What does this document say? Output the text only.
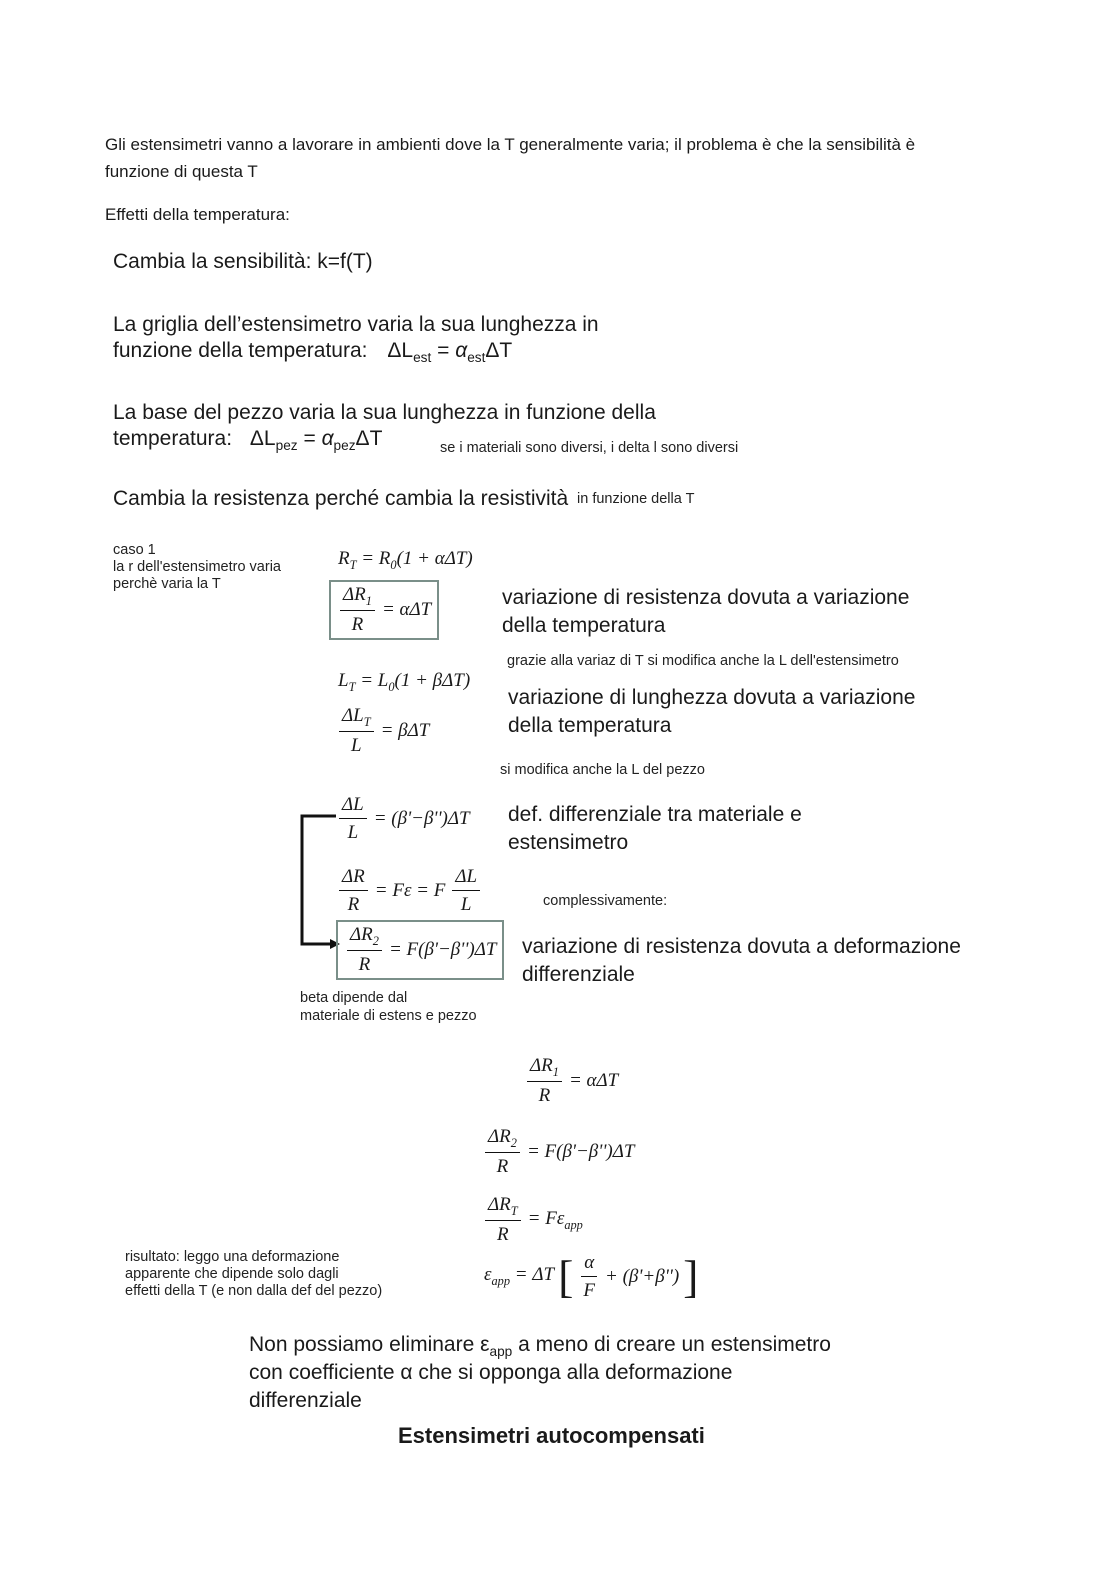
Gli estensimetri vanno a lavorare in ambienti dove la T generalmente varia; il problema è che la sensibilità è
funzione di questa T
Effetti della temperatura:
Cambia la sensibilità: k=f(T)
La griglia dell’estensimetro varia la sua lunghezza in
funzione della temperatura: $\Delta L_{est} = \alpha_{est}\Delta T$
La base del pezzo varia la sua lunghezza in funzione della
temperatura: $\Delta L_{pez} = \alpha_{pez}\Delta T$	se i materiali sono diversi, i delta l sono diversi
Cambia la resistenza perché cambia la resistività in funzione della T
caso 1
la r dell'estensimetro varia
perchè varia la T
$R_T = R_0(1 + \alpha\Delta T)$
$\frac{\Delta R_1}{R} = \alpha\Delta T$
variazione di resistenza dovuta a variazione
della temperatura
grazie alla variaz di T si modifica anche la L dell'estensimetro
$L_T = L_0(1 + \beta\Delta T)$
$\frac{\Delta L_T}{L} = \beta\Delta T$
variazione di lunghezza dovuta a variazione
della temperatura
si modifica anche la L del pezzo
$\frac{\Delta L}{L} = (\beta'-\beta'')\Delta T$ def. differenziale tra materiale e
estensimetro
$\frac{\Delta R}{R} = F\varepsilon = F \frac{\Delta L}{L}$	complessivamente:
$\frac{\Delta R_2}{R} = F(\beta'-\beta'')\Delta T$ variazione di resistenza dovuta a deformazione
differenziale
beta dipende dal
materiale di estens e pezzo
$\frac{\Delta R_1}{R} = \alpha\Delta T$
$\frac{\Delta R_2}{R} = F(\beta'-\beta'')\Delta T$
$\frac{\Delta R_T}{R} = F\varepsilon_{app}$
$\varepsilon_{app} = \Delta T$ [ $\frac{\alpha}{F} + (\beta'+\beta'')$ ]
risultato: leggo una deformazione
apparente che dipende solo dagli
effetti della T (e non dalla def del pezzo)
Non possiamo eliminare $\varepsilon_{app}$ a meno di creare un estensimetro
con coefficiente α che si opponga alla deformazione
differenziale
Estensimetri autocompensati
